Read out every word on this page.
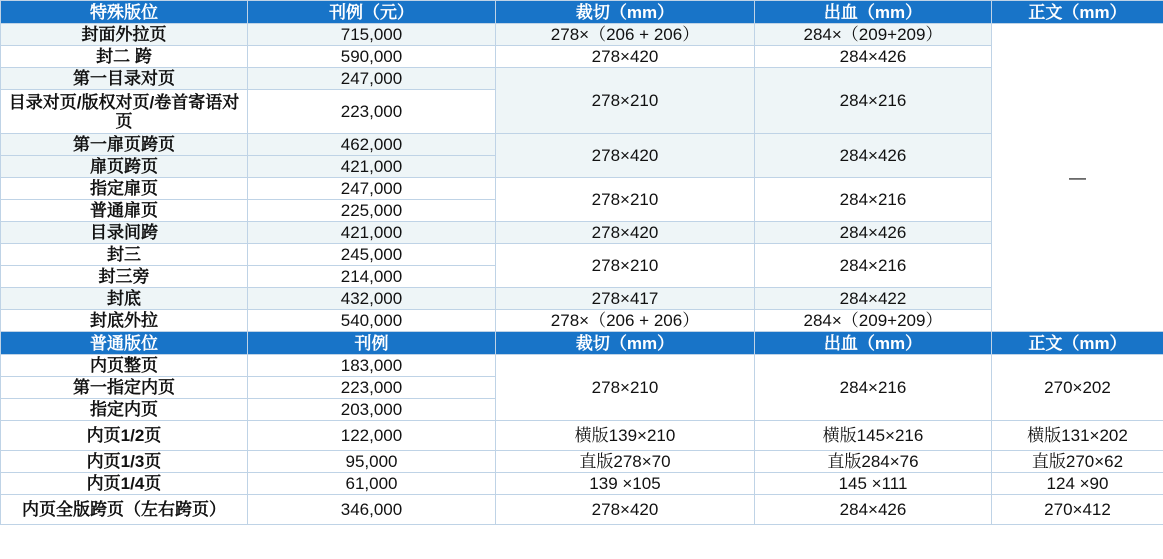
特殊版位	刊例（元）	裁切（mm）	出血（mm）	正文（mm）
封面外拉页	715,000	278×（206 + 206）	284×（209+209）	—
封二 跨	590,000	278×420	284×426	
第一目录对页	247,000	278×210	284×216	
目录对页/版权对页/卷首寄语对页	223,000			
第一扉页跨页	462,000	278×420	284×426	
扉页跨页	421,000			
指定扉页	247,000	278×210	284×216	
普通扉页	225,000			
目录间跨	421,000	278×420	284×426	
封三	245,000	278×210	284×216	
封三旁	214,000			
封底	432,000	278×417	284×422	
封底外拉	540,000	278×（206 + 206）	284×（209+209）	
普通版位	刊例	裁切（mm）	出血（mm）	正文（mm）
内页整页	183,000	278×210	284×216	270×202
第一指定内页	223,000			
指定内页	203,000			
内页1/2页	122,000	横版139×210	横版145×216	横版131×202
内页1/3页	95,000	直版278×70	直版284×76	直版270×62
内页1/4页	61,000	139 ×105	145 ×111	124 ×90
内页全版跨页（左右跨页）	346,000	278×420	284×426	270×412
